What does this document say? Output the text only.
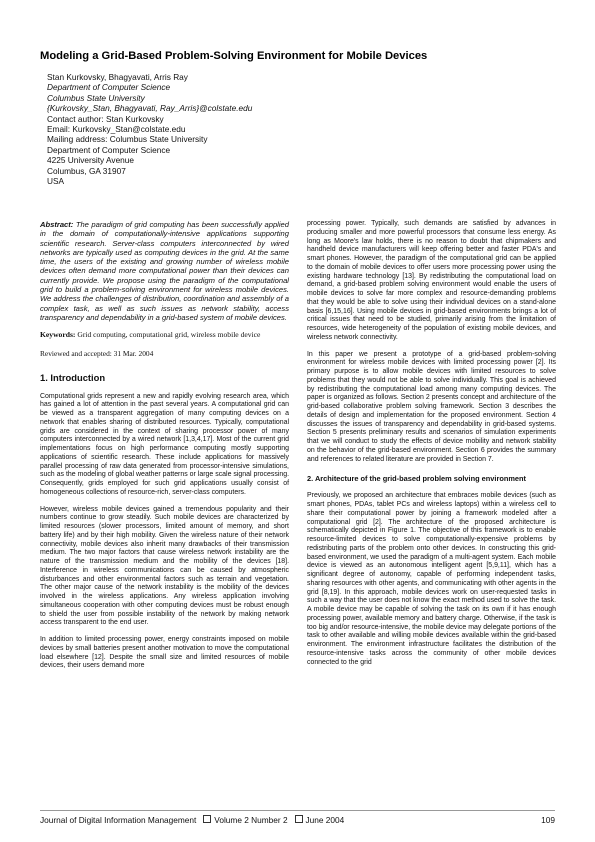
Modeling a Grid-Based Problem-Solving Environment for Mobile Devices
Stan Kurkovsky, Bhagyavati, Arris Ray
Department of Computer Science
Columbus State University
{Kurkovsky_Stan, Bhagyavati, Ray_Arris}@colstate.edu
Contact author: Stan Kurkovsky
Email: Kurkovsky_Stan@colstate.edu
Mailing address: Columbus State University
Department of Computer Science
4225 University Avenue
Columbus, GA 31907
USA
Abstract: The paradigm of grid computing has been successfully applied in the domain of computationally-intensive applications supporting scientific research. Server-class computers interconnected by wired networks are typically used as computing devices in the grid. At the same time, the users of the existing and growing number of wireless mobile devices often demand more computational power than their devices can currently provide. We propose using the paradigm of the computational grid to build a problem-solving environment for wireless mobile devices. We address the challenges of distribution, coordination and assembly of a complex task, as well as such issues as network stability, access transparency and dependability in a grid-based system of mobile devices.
Keywords: Grid computing, computational grid, wireless mobile device
Reviewed and accepted: 31 Mar. 2004
1. Introduction

Computational grids represent a new and rapidly evolving research area, which has gained a lot of attention in the past several years. A computational grid can be viewed as a transparent aggregation of many computing devices on a network that enables sharing of distributed resources. Typically, computational grids are considered in the context of sharing processor power of many computers interconnected by a wired network [1,3,4,17]. Most of the current grid implementations focus on high performance computing mostly supporting applications of scientific research. These include applications for massively parallel processing of raw data generated from processor-intensive simulations, such as the modeling of global weather patterns or large scale signal processing. Consequently, grids employed for such grid applications usually consist of homogeneous collections of resource-rich, server-class computers.

However, wireless mobile devices gained a tremendous popularity and their numbers continue to grow steadily. Such mobile devices are characterized by limited resources (slower processors, limited amount of memory, and short battery life) and by their high mobility. Given the wireless nature of their network connectivity, mobile devices also inherit many drawbacks of their transmission medium. The two major factors that cause wireless network instability are the nature of the transmission medium and the mobility of the devices [18]. Interference in wireless communications can be caused by atmospheric disturbances and other environmental factors such as terrain and vegetation. The other major cause of the network instability is the mobility of the devices involved in the wireless applications. Any wireless application involving simultaneous cooperation with other computing devices must be robust enough to shield the user from possible instability of the network by making network access transparent to the end user.

In addition to limited processing power, energy constraints imposed on mobile devices by small batteries present another motivation to move the computational load elsewhere [12]. Despite the small size and limited resources of mobile devices, their users demand more

processing power. Typically, such demands are satisfied by advances in producing smaller and more powerful processors that consume less energy. As long as Moore's law holds, there is no reason to doubt that chipmakers and handheld device manufacturers will keep offering better and faster PDA's and smart phones. However, the paradigm of the computational grid can be applied to the domain of mobile devices to offer users more processing power using the existing hardware technology [13]. By redistributing the computational load on demand, a grid-based problem solving environment would enable the users of mobile devices to solve far more complex and resource-demanding problems that they would be able to solve using their individual devices on a stand-alone basis [6,15,16]. Using mobile devices in grid-based environments brings a lot of critical issues that need to be studied, primarily arising from the limitation of resources, wide heterogeneity of the population of existing mobile devices, and wireless network connectivity.

In this paper we present a prototype of a grid-based problem-solving environment for wireless mobile devices with limited processing power [2]. Its primary purpose is to allow mobile devices with limited resources to solve problems that they would not be able to solve individually. This goal is achieved by redistributing the computational load among many computing devices. The paper is organized as follows. Section 2 presents concept and architecture of the grid-based collaborative problem solving framework. Section 3 describes the details of design and implementation for the proposed environment. Section 4 discusses the issues of transparency and dependability in grid-based systems. Section 5 presents preliminary results and scenarios of simulation experiments that we will conduct to study the effects of device mobility and network stability on the behavior of the grid-based environment. Section 6 provides the summary and references to related literature are provided in Section 7.

2. Architecture of the grid-based problem solving environment

Previously, we proposed an architecture that embraces mobile devices (such as smart phones, PDAs, tablet PCs and wireless laptops) within a wireless cell to share their computational power by joining a framework modeled after a computational grid [2]. The architecture of the proposed architecture is schematically depicted in Figure 1. The objective of this framework is to enable resource-limited devices to solve computationally-expensive problems by redistributing parts of the problem onto other devices. In constructing this grid-based environment, we used the paradigm of a multi-agent system. Each mobile device is viewed as an autonomous intelligent agent [5,9,11], which has a significant degree of autonomy, capable of performing independent tasks, sharing resources with other agents, and communicating with other agents in the grid [8,19]. In this approach, mobile devices work on user-requested tasks in such a way that the user does not know the exact method used to solve the task. A mobile device may be capable of solving the task on its own if it has enough processing power, available memory and battery charge. Otherwise, if the task is too big and/or resource-intensive, the mobile device may delegate portions of the task to other available and willing mobile devices available within the grid-based environment. The environment infrastructure facilitates the distribution of the resource-intensive tasks across the community of other mobile devices connected to the grid

Journal of Digital Information Management Volume 2 Number 2 June 2004	109
